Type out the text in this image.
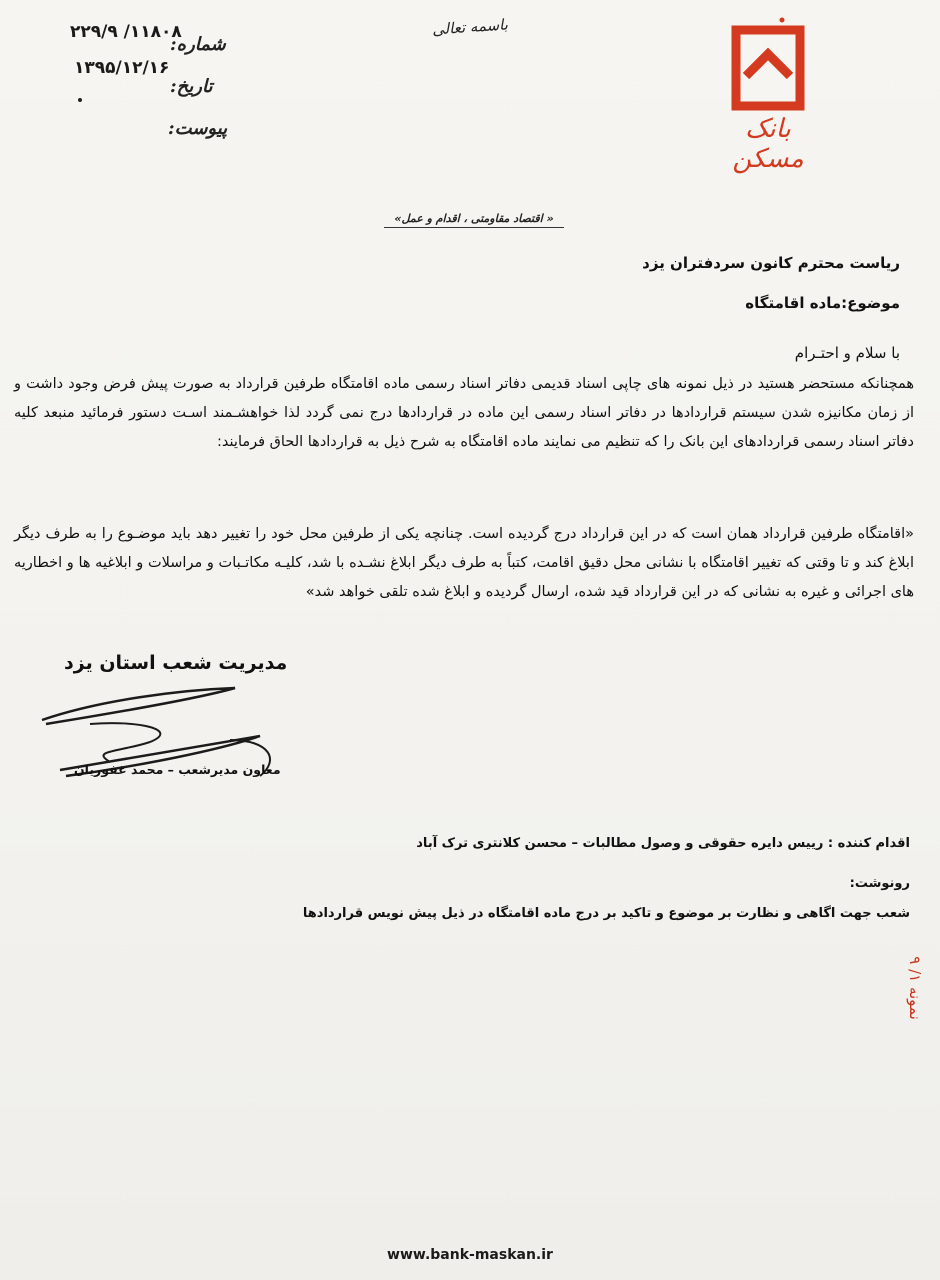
بانک مسکن
باسمه تعالی
۲۲۹/۹ /۱۱۸۰۸
۱۳۹۵/۱۲/۱۶
شماره:
تاریخ:
پیوست:
« اقتصاد مقاومتی ، اقدام و عمل»
ریاست محترم کانون سردفتران یزد
موضوع:ماده اقامتگاه
با سلام و احتـرام
همچنانکه مستحضر هستید در ذیل نمونه های چاپی اسناد قدیمی دفاتر اسناد رسمی ماده اقامتگاه طرفین قرارداد به صورت پیش فرض وجود داشت و از زمان مکانیزه شدن سیستم قراردادها در دفاتر اسناد رسمی این ماده در قراردادها درج نمی گردد لذا خواهشـمند اسـت دستور فرمائید منبعد کلیه دفاتر اسناد رسمی قراردادهای این بانک را که تنظیم می نمایند ماده اقامتگاه به شرح ذیل به قراردادها الحاق فرمایند:
«اقامتگاه طرفین قرارداد همان است که در این قرارداد درج گردیده است. چنانچه یکی از طرفین محل خود را تغییر دهد باید موضـوع را به طرف دیگر ابلاغ کند و تا وقتی که تغییر اقامتگاه با نشانی محل دقیق اقامت، کتباً به طرف دیگر ابلاغ نشـده با شد، کلیـه مکاتـبات و مراسلات و ابلاغیه ها و اخطاریه های اجرائی و غیره به نشانی که در این قرارداد قید شده، ارسال گردیده و ابلاغ شده تلقی خواهد شد»
مدیریت شعب استان یزد
معاون مدیرشعب – محمد غفوریان
اقدام کننده : رییس دایره حقوقی و وصول مطالبات – محسن کلانتری ترک آباد
رونوشت:
شعب جهت اگاهی و نظارت بر موضوع و تاکید بر درج ماده اقامتگاه در ذیل پیش نویس قراردادها
نمونه ۱/ ۹
www.bank-maskan.ir
